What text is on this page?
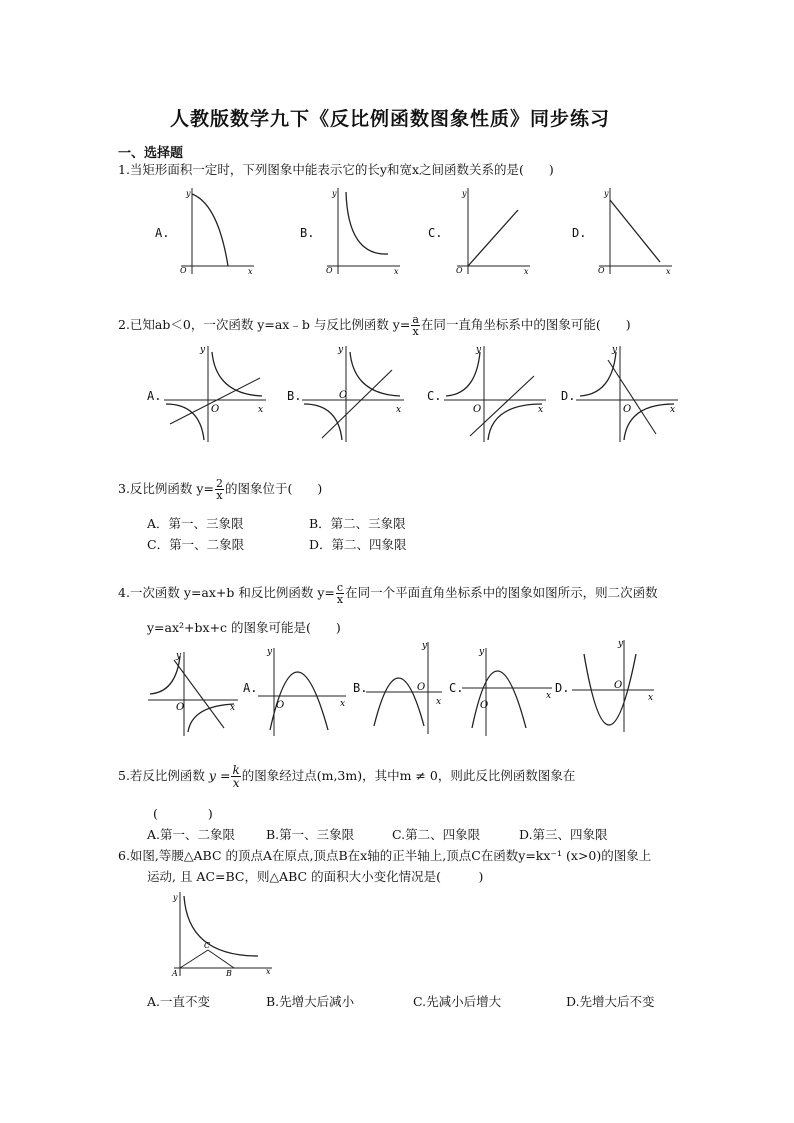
人教版数学九下《反比例函数图象性质》同步练习
一、选择题
1.当矩形面积一定时，下列图象中能表示它的长y和宽x之间函数关系的是(　　)
A.	B.	C.	D.
y
x
O
y
x
O
y
x
O
y
x
O
2.已知ab＜0，一次函数 y=ax﹣b 与反比例函数 $y= \frac{a}{x}$ 在同一直角坐标系中的图象可能(　　)
A.	B.	C.	D.
y
x
O
y
x
O
y
x
O
y
x
O
3.反比例函数 $y= \frac{2}{x}$ 的图象位于(　　)
A．第一、三象限	B．第二、三象限
C．第一、二象限	D．第二、四象限
4.一次函数 y=ax+b 和反比例函数 $y= \frac{c}{x}$ 在同一个平面直角坐标系中的图象如图所示，则二次函数
y=ax²+bx+c 的图象可能是(　　)
y
x
O
A.	B.	C.	D.
y
x
O
y
x
O
y
x
O
y
x
O
5.若反比例函数 $y = \frac{k}{x}$ 的图象经过点(m,3m)，其中m ≠ 0，则此反比例函数图象在
(　　　　)
A.第一、二象限 B.第一、三象限	C.第二、四象限	D.第三、四象限
6.如图,等腰△ABC 的顶点A在原点,顶点B在x轴的正半轴上,顶点C在函数y=kx⁻¹ (x>0)的图象上
运动, 且 AC=BC，则△ABC 的面积大小变化情况是(　　　)
y
x
A	B
C
A.一直不变	B.先增大后减小	C.先减小后增大	D.先增大后不变
